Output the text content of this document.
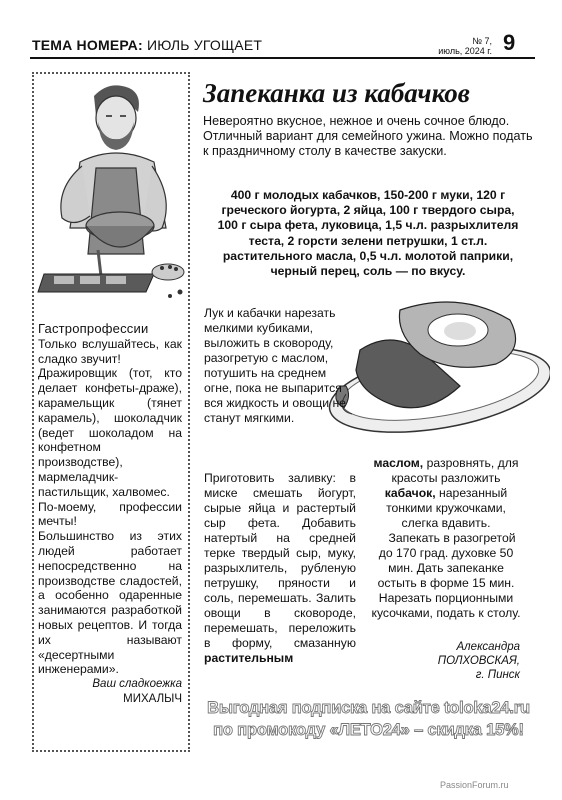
ТЕМА НОМЕРА: ИЮЛЬ УГОЩАЕТ	№ 7,
июль, 2024 г. 9

Гастропрофессии

Только вслушайтесь, как сладко звучит!

Дражировщик (тот, кто делает конфеты-драже), карамельщик (тянет карамель), шоколадчик (ведет шоколадом на конфетном производстве), мармеладчик-пастильщик, халвомес.

По-моему, профессии мечты!

Большинство из этих людей работает непосредственно на производстве сладостей, а особенно одаренные занимаются разработкой новых рецептов. И тогда их называют «десертными инженерами».

Ваш сладкоежка

МИХАЛЫЧ

Запеканка из кабачков
Невероятно вкусное, нежное и очень сочное блюдо. Отличный вариант для семейного ужина. Можно подать к праздничному столу в качестве закуски.
400 г молодых кабачков, 150-200 г муки, 120 г греческого йогурта, 2 яйца, 100 г твердого сыра, 100 г сыра фета, луковица, 1,5 ч.л. разрыхлителя теста, 2 горсти зелени петрушки, 1 ст.л. растительного масла, 0,5 ч.л. молотой паприки, черный перец, соль — по вкусу.
Лук и кабачки нарезать мелкими кубиками, выложить в сковороду, разогретую с маслом, потушить на среднем огне, пока не выпарится вся жидкость и овощи не станут мягкими.
Приготовить заливку: в миске смешать йогурт, сырые яйца и растертый сыр фета. Добавить натертый на средней терке твердый сыр, муку, разрыхлитель, рубленую петрушку, пряности и соль, перемешать. Залить овощи в сковороде, перемешать, переложить в форму, смазанную растительным

маслом, разровнять, для красоты разложить кабачок, нарезанный тонкими кружочками, слегка вдавить.

Запекать в разогретой до 170 град. духовке 50 мин. Дать запеканке остыть в форме 15 мин. Нарезать порционными кусочками, подать к столу.

Александра
ПОЛХОВСКАЯ,
г. Пинск
Выгодная подписка на сайте toloka24.ru
по промокоду «ЛЕТО24» – скидка 15%!
PassionForum.ru
